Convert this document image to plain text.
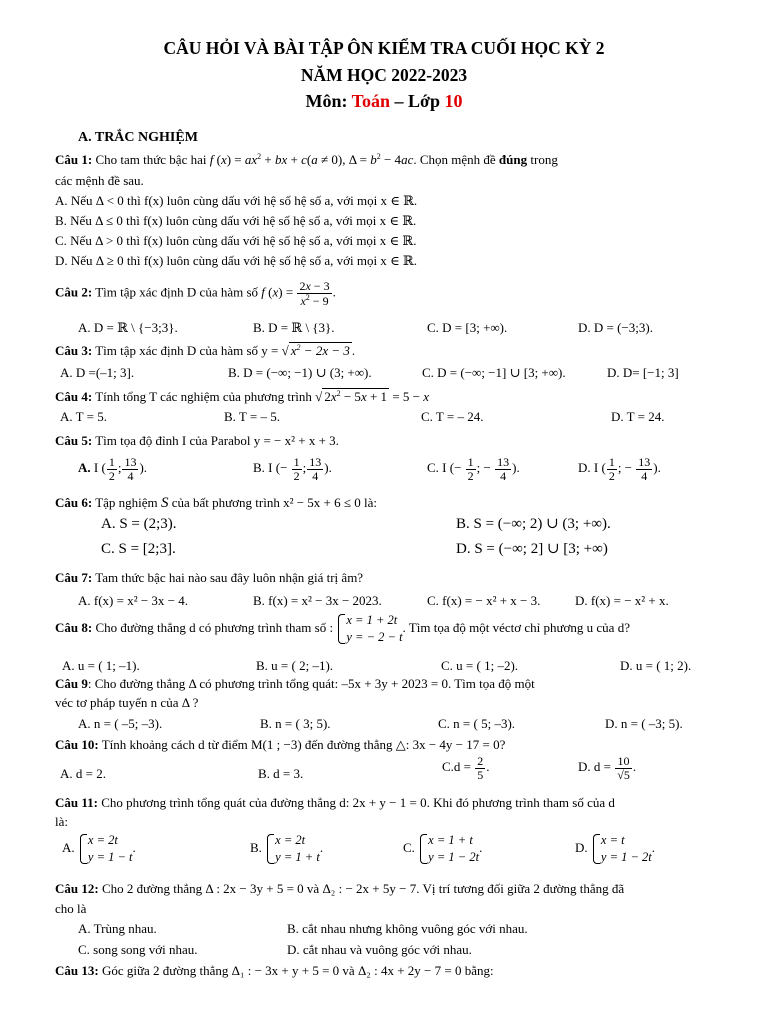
CÂU HỎI VÀ BÀI TẬP ÔN KIỂM TRA CUỐI HỌC KỲ 2
NĂM HỌC 2022-2023
Môn: Toán – Lớp 10
A. TRẮC NGHIỆM
Câu 1: Cho tam thức bậc hai f $(x) = ax^2$ + bx + c(a ≠ 0), $\Delta = b^2 - 4ac$. Chọn mệnh đề đúng trong
các mệnh đề sau.
A. Nếu Δ < 0 thì f(x) luôn cùng dấu với hệ số hệ số a, với mọi x ∈ ℝ.
B. Nếu Δ ≤ 0 thì f(x) luôn cùng dấu với hệ số hệ số a, với mọi x ∈ ℝ.
C. Nếu Δ > 0 thì f(x) luôn cùng dấu với hệ số hệ số a, với mọi x ∈ ℝ.
D. Nếu Δ ≥ 0 thì f(x) luôn cùng dấu với hệ số hệ số a, với mọi x ∈ ℝ.
Câu 2: Tìm tập xác định D của hàm số f $(x) = \frac{2x - 3}{x^2 - 9}$ .
A. D = ℝ \ {−3;3}.	B. D = ℝ \ {3}.	C. D = [3; +∞).	D. D = (−3;3).
Câu 3: Tìm tập xác định D của hàm số y = √ $x^2 - 2x - 3$ .
A. D =(–1; 3].	B. D = (−∞; −1) ∪ (3; +∞).	C. D = (−∞; −1] ∪ [3; +∞).	D. D= [−1; 3]
Câu 4: Tính tổng T các nghiệm của phương trình √ $2x^2 - 5x + 1 = 5 - x$
A. T = 5.	B. T = – 5.	C. T = – 24.	D. T = 24.
Câu 5: Tìm tọa độ đỉnh I của Parabol y = − x² + x + 3.
A. I ( $\frac{1}{2}$ ; $\frac{13}{4}$ ).	B. I (− $\frac{1}{2}$ ; $\frac{13}{4}$ ).	C. I (− $\frac{1}{2}$ ; − $\frac{13}{4}$ ).	D. I ( $\frac{1}{2}$ ; − $\frac{13}{4}$ ).
Câu 6: Tập nghiệm S của bất phương trình x² − 5x + 6 ≤ 0 là:
A. S = (2;3).	B. S = (−∞; 2) ∪ (3; +∞).
C. S = [2;3].	D. S = (−∞; 2] ∪ [3; +∞)
Câu 7: Tam thức bậc hai nào sau đây luôn nhận giá trị âm?
A. f(x) = x² − 3x − 4.	B. f(x) = x² − 3x − 2023.	C. f(x) = − x² + x − 3.	D. f(x) = − x² + x.
Câu 8: Cho đường thẳng d có phương trình tham số : x = 1 + 2t
y = − 2 − t
. Tìm tọa độ một véctơ chỉ phương u của d?
A. u = ( 1; –1).	B. u = ( 2; –1).	C. u = ( 1; –2).	D. u = ( 1; 2).
Câu 9: Cho đường thẳng Δ có phương trình tổng quát: –5x + 3y + 2023 = 0. Tìm tọa độ một
véc tơ pháp tuyến n của Δ ?
A. n = ( –5; –3).	B. n = ( 3; 5).	C. n = ( 5; –3).	D. n = ( –3; 5).
Câu 10: Tính khoảng cách d từ điểm M(1 ; −3) đến đường thẳng △: 3x − 4y − 17 = 0?
A. d = 2.	B. d = 3.	$C.d = \frac{2}{5}$ .	D. $d = \frac{10}{√5}$ .
Câu 11: Cho phương trình tổng quát của đường thẳng d: 2x + y − 1 = 0. Khi đó phương trình tham số của d
là:
A. x = 2t
y = 1 − t
.	B. x = 2t
y = 1 + t
.	C. x = 1 + t
y = 1 − 2t
.	D. x = t
y = 1 − 2t
.
Câu 12: Cho 2 đường thẳng Δ : 2x − 3y + 5 = 0 và Δ₂ : − 2x + 5y − 7. Vị trí tương đối giữa 2 đường thẳng đã
cho là
A. Trùng nhau.	B. cắt nhau nhưng không vuông góc với nhau.
C. song song với nhau.	D. cắt nhau và vuông góc với nhau.
Câu 13: Góc giữa 2 đường thẳng Δ₁ : − 3x + y + 5 = 0 và Δ₂ : 4x + 2y − 7 = 0 bằng:
